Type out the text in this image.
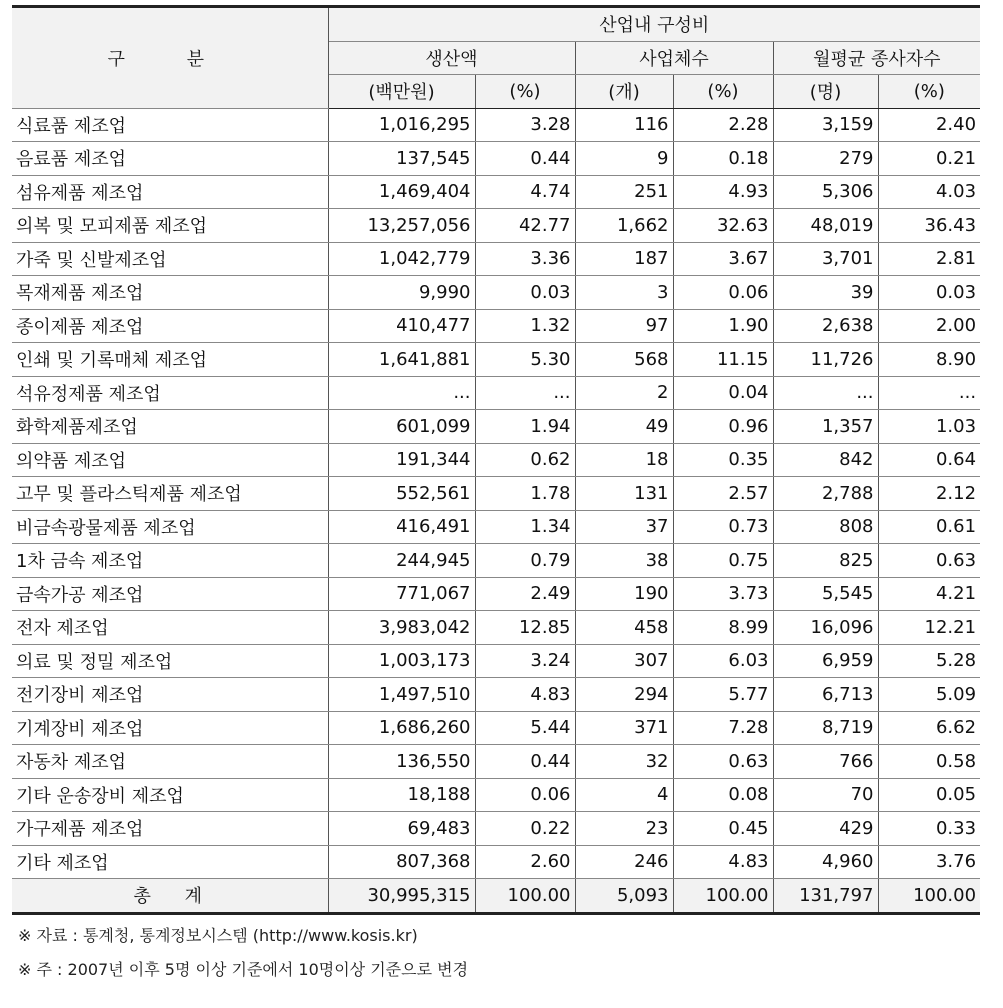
구 분	산업내 구성비					
	생산액		사업체수		월평균 종사자수	
	(백만원)	(%)	(개)	(%)	(명)	(%)
식료품 제조업	1,016,295	3.28	116	2.28	3,159	2.40
음료품 제조업	137,545	0.44	9	0.18	279	0.21
섬유제품 제조업	1,469,404	4.74	251	4.93	5,306	4.03
의복 및 모피제품 제조업	13,257,056	42.77	1,662	32.63	48,019	36.43
가죽 및 신발제조업	1,042,779	3.36	187	3.67	3,701	2.81
목재제품 제조업	9,990	0.03	3	0.06	39	0.03
종이제품 제조업	410,477	1.32	97	1.90	2,638	2.00
인쇄 및 기록매체 제조업	1,641,881	5.30	568	11.15	11,726	8.90
석유정제품 제조업	...	...	2	0.04	...	...
화학제품제조업	601,099	1.94	49	0.96	1,357	1.03
의약품 제조업	191,344	0.62	18	0.35	842	0.64
고무 및 플라스틱제품 제조업	552,561	1.78	131	2.57	2,788	2.12
비금속광물제품 제조업	416,491	1.34	37	0.73	808	0.61
1차 금속 제조업	244,945	0.79	38	0.75	825	0.63
금속가공 제조업	771,067	2.49	190	3.73	5,545	4.21
전자 제조업	3,983,042	12.85	458	8.99	16,096	12.21
의료 및 정밀 제조업	1,003,173	3.24	307	6.03	6,959	5.28
전기장비 제조업	1,497,510	4.83	294	5.77	6,713	5.09
기계장비 제조업	1,686,260	5.44	371	7.28	8,719	6.62
자동차 제조업	136,550	0.44	32	0.63	766	0.58
기타 운송장비 제조업	18,188	0.06	4	0.08	70	0.05
가구제품 제조업	69,483	0.22	23	0.45	429	0.33
기타 제조업	807,368	2.60	246	4.83	4,960	3.76
총 계	30,995,315	100.00	5,093	100.00	131,797	100.00

※ 자료 : 통계청, 통계정보시스템 (http://www.kosis.kr)

※ 주 : 2007년 이후 5명 이상 기준에서 10명이상 기준으로 변경
